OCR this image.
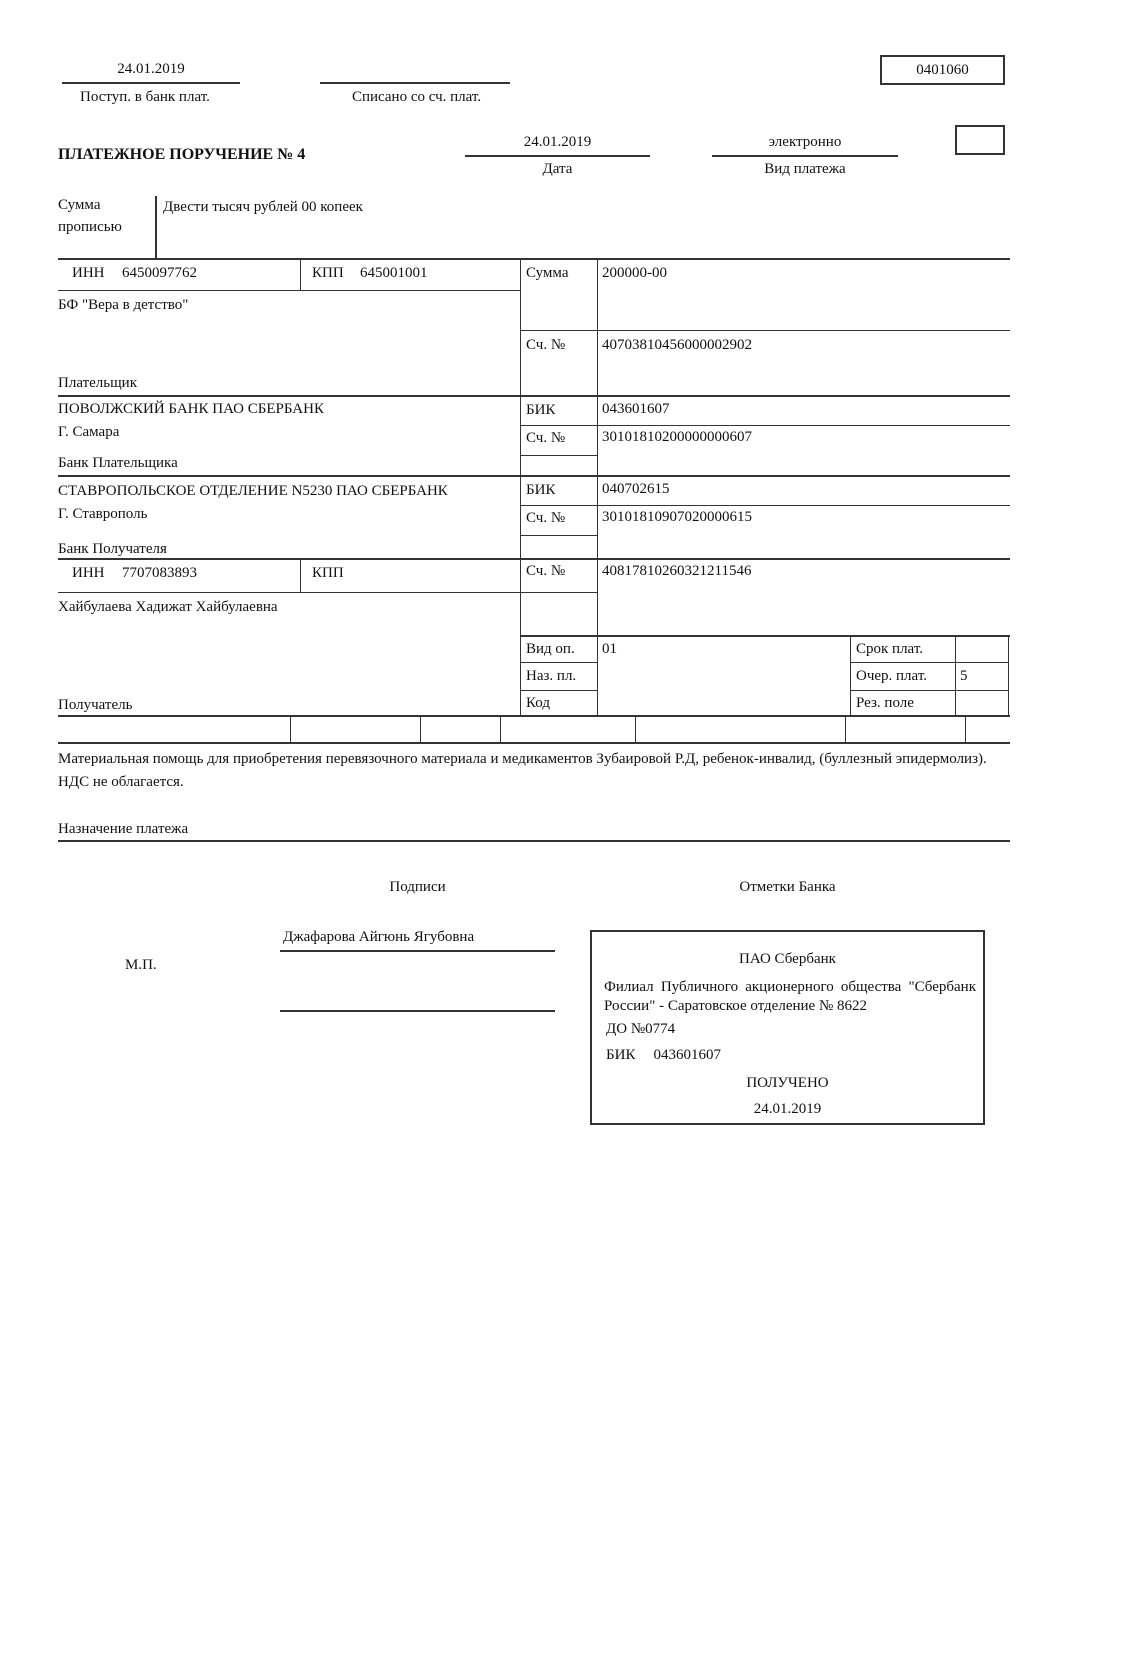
24.01.2019
Поступ. в банк плат.	Списано со сч. плат.
0401060
ПЛАТЕЖНОЕ ПОРУЧЕНИЕ № 4
24.01.2019
Дата
электронно
Вид платежа
Сумма
прописью
Двести тысяч рублей 00 копеек
ИНН 6450097762	КПП 645001001	Сумма 200000-00
БФ "Вера в детство"
Сч. № 40703810456000002902
Плательщик
ПОВОЛЖСКИЙ БАНК ПАО СБЕРБАНК
Г. Самара
БИК	043601607
Сч. № 30101810200000000607
Банк Плательщика
СТАВРОПОЛЬСКОЕ ОТДЕЛЕНИЕ N5230 ПАО СБЕРБАНК
Г. Ставрополь
БИК	040702615
Сч. № 30101810907020000615
Банк Получателя
ИНН 7707083893	КПП	Сч. № 40817810260321211546
Хайбулаева Хадижат Хайбулаевна
Вид оп. 01	Срок плат.
Наз. пл.	Очер. плат. 5
Код	Рез. поле
Получатель
Материальная помощь для приобретения перевязочного материала и медикаментов Зубаировой Р.Д, ребенок-инвалид, (буллезный эпидермолиз).
НДС не облагается.
Назначение платежа
Подписи	Отметки Банка
Джафарова Айгюнь Ягубовна
М.П.	ПАО Сбербанк
Филиал Публичного акционерного общества "Сбербанк России" - Саратовское отделение № 8622
ДО №0774
БИК 043601607
ПОЛУЧЕНО
24.01.2019
